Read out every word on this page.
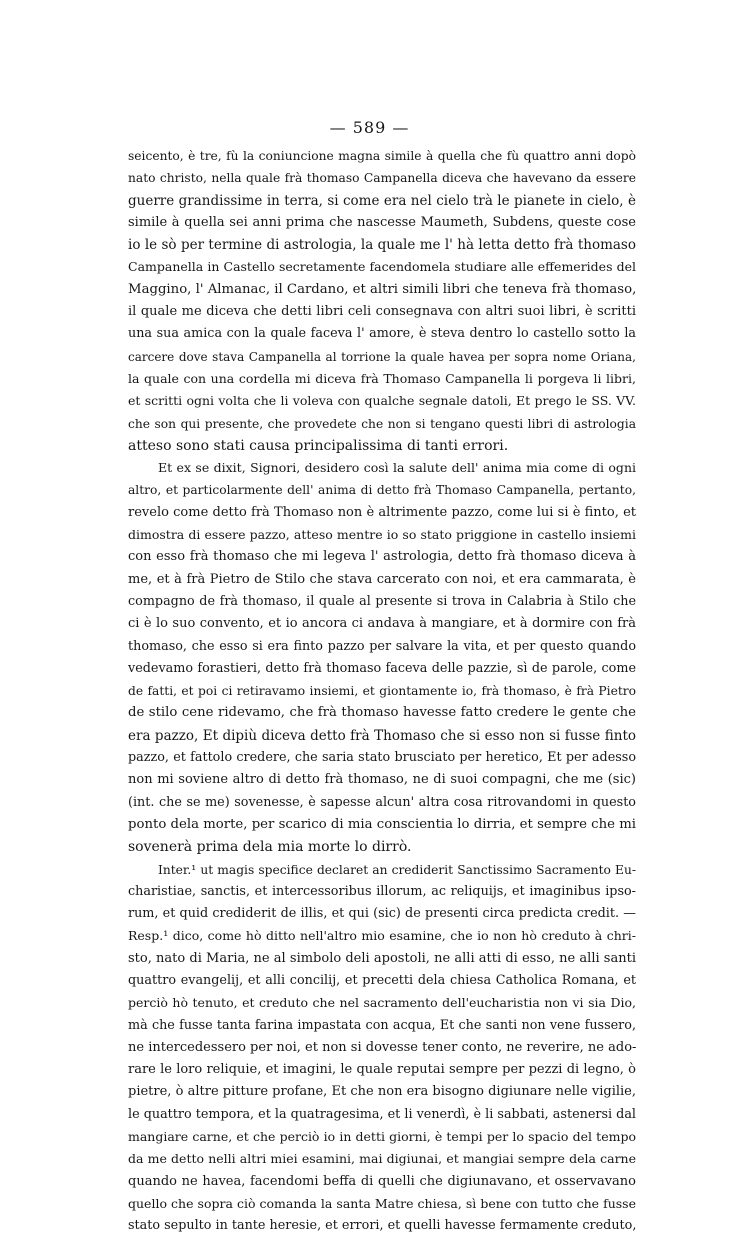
— 589 —
seicento, è tre, fù la coniuncione magna simile à quella che fù quattro anni dopò
nato christo, nella quale frà thomaso Campanella diceva che havevano da essere
guerre grandissime in terra, si come era nel cielo trà le pianete in cielo, è
simile à quella sei anni prima che nascesse Maumeth, Subdens, queste cose
io le sò per termine di astrologia, la quale me l' hà letta detto frà thomaso
Campanella in Castello secretamente facendomela studiare alle effemerides del
Maggino, l' Almanac, il Cardano, et altri simili libri che teneva frà thomaso,
il quale me diceva che detti libri celi consegnava con altri suoi libri, è scritti
una sua amica con la quale faceva l' amore, è steva dentro lo castello sotto la
carcere dove stava Campanella al torrione la quale havea per sopra nome Oriana,
la quale con una cordella mi diceva frà Thomaso Campanella li porgeva li libri,
et scritti ogni volta che li voleva con qualche segnale datoli, Et prego le SS. VV.
che son qui presente, che provedete che non si tengano questi libri di astrologia
atteso sono stati causa principalissima di tanti errori.
Et ex se dixit, Signori, desidero così la salute dell' anima mia come di ogni
altro, et particolarmente dell' anima di detto frà Thomaso Campanella, pertanto,
revelo come detto frà Thomaso non è altrimente pazzo, come lui si è finto, et
dimostra di essere pazzo, atteso mentre io so stato priggione in castello insiemi
con esso frà thomaso che mi legeva l' astrologia, detto frà thomaso diceva à
me, et à frà Pietro de Stilo che stava carcerato con noi, et era cammarata, è
compagno de frà thomaso, il quale al presente si trova in Calabria à Stilo che
ci è lo suo convento, et io ancora ci andava à mangiare, et à dormire con frà
thomaso, che esso si era finto pazzo per salvare la vita, et per questo quando
vedevamo forastieri, detto frà thomaso faceva delle pazzie, sì de parole, come
de fatti, et poi ci retiravamo insiemi, et giontamente io, frà thomaso, è frà Pietro
de stilo cene ridevamo, che frà thomaso havesse fatto credere le gente che
era pazzo, Et dipiù diceva detto frà Thomaso che si esso non si fusse finto
pazzo, et fattolo credere, che saria stato brusciato per heretico, Et per adesso
non mi soviene altro di detto frà thomaso, ne di suoi compagni, che me (sic)
(int. che se me) sovenesse, è sapesse alcun' altra cosa ritrovandomi in questo
ponto dela morte, per scarico di mia conscientia lo dirria, et sempre che mi
sovenerà prima dela mia morte lo dirrò.
Inter.¹ ut magis specifice declaret an crediderit Sanctissimo Sacramento Eu-
charistiae, sanctis, et intercessoribus illorum, ac reliquijs, et imaginibus ipso-
rum, et quid crediderit de illis, et qui (sic) de presenti circa predicta credit. —
Resp.¹ dico, come hò ditto nell'altro mio esamine, che io non hò creduto à chri-
sto, nato di Maria, ne al simbolo deli apostoli, ne alli atti di esso, ne alli santi
quattro evangelij, et alli concilij, et precetti dela chiesa Catholica Romana, et
perciò hò tenuto, et creduto che nel sacramento dell'eucharistia non vi sia Dio,
mà che fusse tanta farina impastata con acqua, Et che santi non vene fussero,
ne intercedessero per noi, et non si dovesse tener conto, ne reverire, ne ado-
rare le loro reliquie, et imagini, le quale reputai sempre per pezzi di legno, ò
pietre, ò altre pitture profane, Et che non era bisogno digiunare nelle vigilie,
le quattro tempora, et la quatragesima, et li venerdì, è li sabbati, astenersi dal
mangiare carne, et che perciò io in detti giorni, è tempi per lo spacio del tempo
da me detto nelli altri miei esamini, mai digiunai, et mangiai sempre dela carne
quando ne havea, facendomi beffa di quelli che digiunavano, et osservavano
quello che sopra ciò comanda la santa Matre chiesa, sì bene con tutto che fusse
stato sepulto in tante heresie, et errori, et quelli havesse fermamente creduto,
